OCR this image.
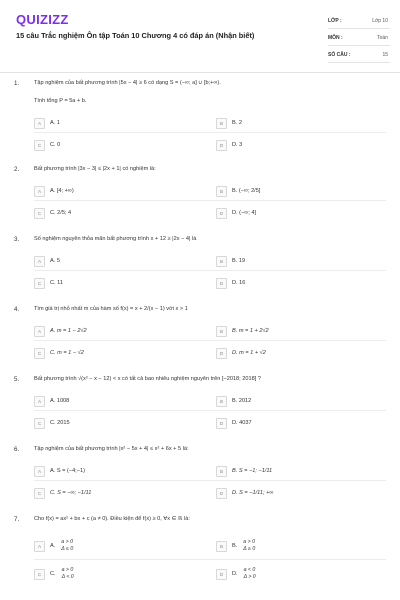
QUIZIZZ
15 câu Trắc nghiệm Ôn tập Toán 10 Chương 4 có đáp án (Nhận biết)
LỚP :	Lớp 10
MÔN :	Toán
SỐ CÂU :	15
1.	Tập nghiệm của bất phương trình |5x − 4| ≥ 6 có dạng S = (−∞; a] ∪ [b;+∞).
Tính tổng P = 5a + b.
A	A. 1	B	B. 2
C	C. 0	D	D. 3
2.	Bất phương trình |3x − 3| ≤ |2x + 1| có nghiệm là:
A	A. [4; +∞)	B	B. (−∞; 2/5]
C	C. 2/5; 4	D	D. (−∞; 4]
3.	Số nghiệm nguyên thỏa mãn bất phương trình x + 12 ≥ |2x − 4| là
A	A. 5	B	B. 19
C	C. 11	D	D. 16
4.	Tìm giá trị nhỏ nhất m của hàm số f(x) = x + 2/(x − 1) với x > 1
A	A. m = 1 − 2√2	B	B. m = 1 + 2√2
C	C. m = 1 − √2	D	D. m = 1 + √2
5.	Bất phương trình √(x² − x − 12) < x có tất cả bao nhiêu nghiệm nguyên trên [−2018; 2018] ?
A	A. 1008	B	B. 2012
C	C. 2015	D	D. 4037
6.	Tập nghiệm của bất phương trình |x² − 5x + 4| ≤ x² + 6x + 5 là:
A	A. S = (−4;−1)	B	B. S = −1; −1/11
C	C. S = −∞; −1/11	D	D. S = −1/11; +∞
7.	Cho f(x) = ax² + bx + c (a ≠ 0). Điều kiện để f(x) ≥ 0, ∀x ∈ ℝ là:
A	A.
a > 0
Δ ≤ 0	B	B.
a > 0
Δ ≥ 0
C	C.
a > 0
Δ < 0	D	D.
a < 0
Δ > 0
